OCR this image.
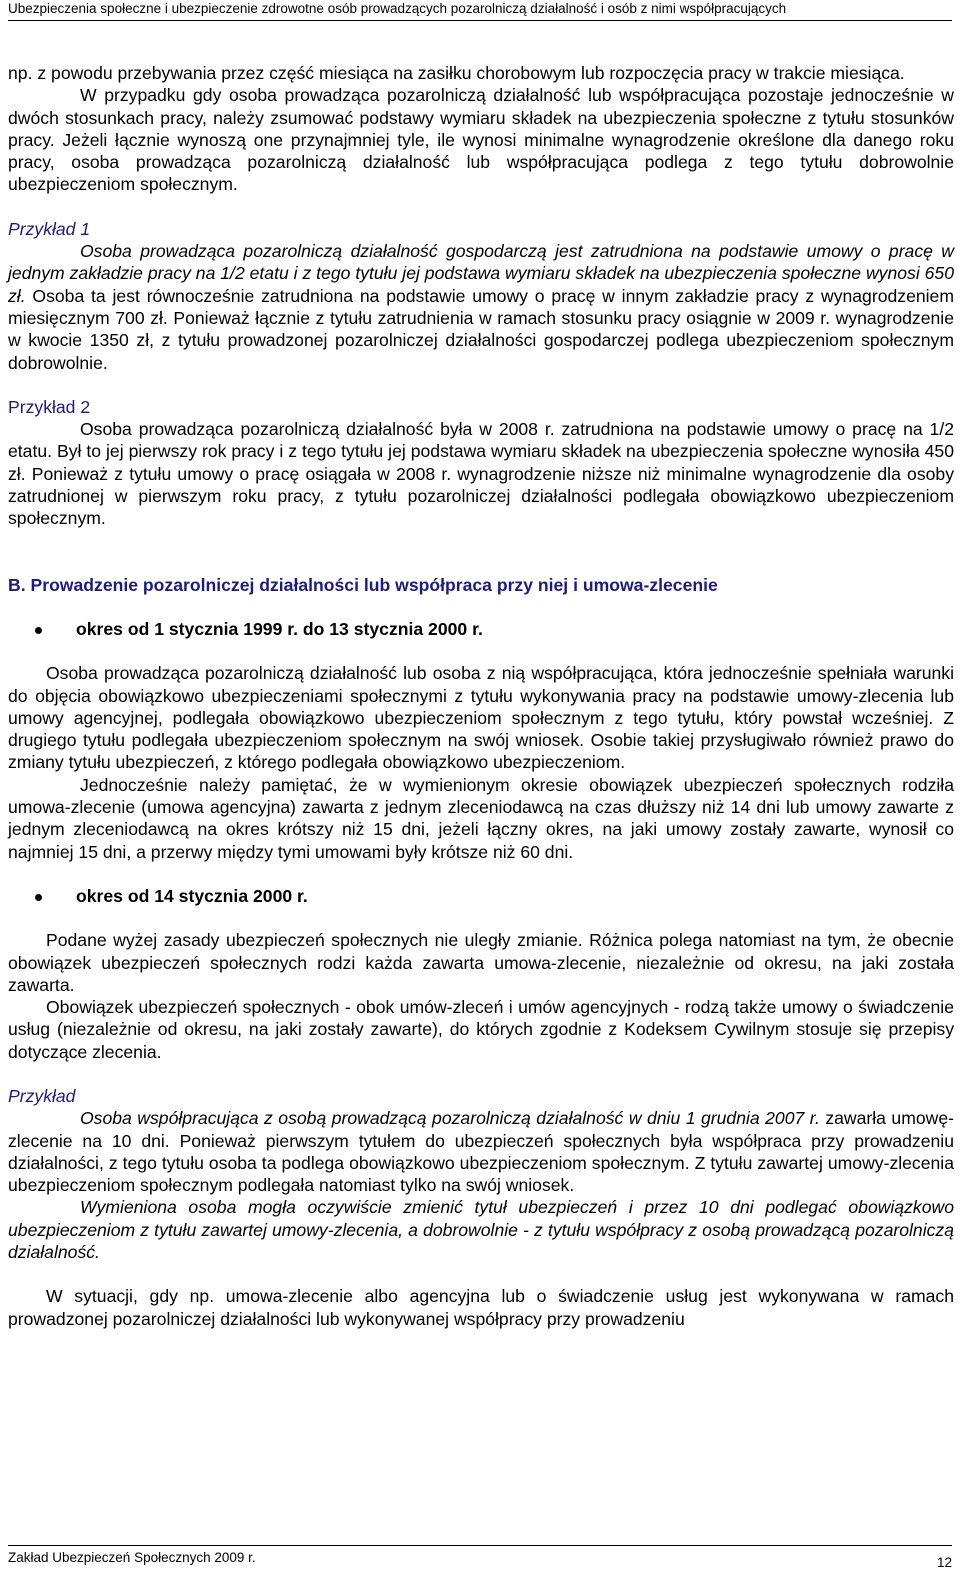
Ubezpieczenia społeczne i ubezpieczenie zdrowotne osób prowadzących pozarolniczą działalność i osób z nimi współpracujących

np. z powodu przebywania przez część miesiąca na zasiłku chorobowym lub rozpoczęcia pracy w trakcie miesiąca.

W przypadku gdy osoba prowadząca pozarolniczą działalność lub współpracująca pozostaje jednocześnie w dwóch stosunkach pracy, należy zsumować podstawy wymiaru składek na ubezpieczenia społeczne z tytułu stosunków pracy. Jeżeli łącznie wynoszą one przynajmniej tyle, ile wynosi minimalne wynagrodzenie określone dla danego roku pracy, osoba prowadząca pozarolniczą działalność lub współpracująca podlega z tego tytułu dobrowolnie ubezpieczeniom społecznym.

Przykład 1

Osoba prowadząca pozarolniczą działalność gospodarczą jest zatrudniona na podstawie umowy o pracę w jednym zakładzie pracy na 1/2 etatu i z tego tytułu jej podstawa wymiaru składek na ubezpieczenia społeczne wynosi 650 zł. Osoba ta jest równocześnie zatrudniona na podstawie umowy o pracę w innym zakładzie pracy z wynagrodzeniem miesięcznym 700 zł. Ponieważ łącznie z tytułu zatrudnienia w ramach stosunku pracy osiągnie w 2009 r. wynagrodzenie w kwocie 1350 zł, z tytułu prowadzonej pozarolniczej działalności gospodarczej podlega ubezpieczeniom społecznym dobrowolnie.

Przykład 2

Osoba prowadząca pozarolniczą działalność była w 2008 r. zatrudniona na podstawie umowy o pracę na 1/2 etatu. Był to jej pierwszy rok pracy i z tego tytułu jej podstawa wymiaru składek na ubezpieczenia społeczne wynosiła 450 zł. Ponieważ z tytułu umowy o pracę osiągała w 2008 r. wynagrodzenie niższe niż minimalne wynagrodzenie dla osoby zatrudnionej w pierwszym roku pracy, z tytułu pozarolniczej działalności podlegała obowiązkowo ubezpieczeniom społecznym.

B. Prowadzenie pozarolniczej działalności lub współpraca przy niej i umowa-zlecenie

okres od 1 stycznia 1999 r. do 13 stycznia 2000 r.

Osoba prowadząca pozarolniczą działalność lub osoba z nią współpracująca, która jednocześnie spełniała warunki do objęcia obowiązkowo ubezpieczeniami społecznymi z tytułu wykonywania pracy na podstawie umowy-zlecenia lub umowy agencyjnej, podlegała obowiązkowo ubezpieczeniom społecznym z tego tytułu, który powstał wcześniej. Z drugiego tytułu podlegała ubezpieczeniom społecznym na swój wniosek. Osobie takiej przysługiwało również prawo do zmiany tytułu ubezpieczeń, z którego podlegała obowiązkowo ubezpieczeniom.

Jednocześnie należy pamiętać, że w wymienionym okresie obowiązek ubezpieczeń społecznych rodziła umowa-zlecenie (umowa agencyjna) zawarta z jednym zleceniodawcą na czas dłuższy niż 14 dni lub umowy zawarte z jednym zleceniodawcą na okres krótszy niż 15 dni, jeżeli łączny okres, na jaki umowy zostały zawarte, wynosił co najmniej 15 dni, a przerwy między tymi umowami były krótsze niż 60 dni.

okres od 14 stycznia 2000 r.

Podane wyżej zasady ubezpieczeń społecznych nie uległy zmianie. Różnica polega natomiast na tym, że obecnie obowiązek ubezpieczeń społecznych rodzi każda zawarta umowa-zlecenie, niezależnie od okresu, na jaki została zawarta.

Obowiązek ubezpieczeń społecznych - obok umów-zleceń i umów agencyjnych - rodzą także umowy o świadczenie usług (niezależnie od okresu, na jaki zostały zawarte), do których zgodnie z Kodeksem Cywilnym stosuje się przepisy dotyczące zlecenia.

Przykład

Osoba współpracująca z osobą prowadzącą pozarolniczą działalność w dniu 1 grudnia 2007 r. zawarła umowę-zlecenie na 10 dni. Ponieważ pierwszym tytułem do ubezpieczeń społecznych była współpraca przy prowadzeniu działalności, z tego tytułu osoba ta podlega obowiązkowo ubezpieczeniom społecznym. Z tytułu zawartej umowy-zlecenia ubezpieczeniom społecznym podlegała natomiast tylko na swój wniosek.

Wymieniona osoba mogła oczywiście zmienić tytuł ubezpieczeń i przez 10 dni podlegać obowiązkowo ubezpieczeniom z tytułu zawartej umowy-zlecenia, a dobrowolnie - z tytułu współpracy z osobą prowadzącą pozarolniczą działalność.

W sytuacji, gdy np. umowa-zlecenie albo agencyjna lub o świadczenie usług jest wykonywana w ramach prowadzonej pozarolniczej działalności lub wykonywanej współpracy przy prowadzeniu

Zakład Ubezpieczeń Społecznych 2009 r.	12
